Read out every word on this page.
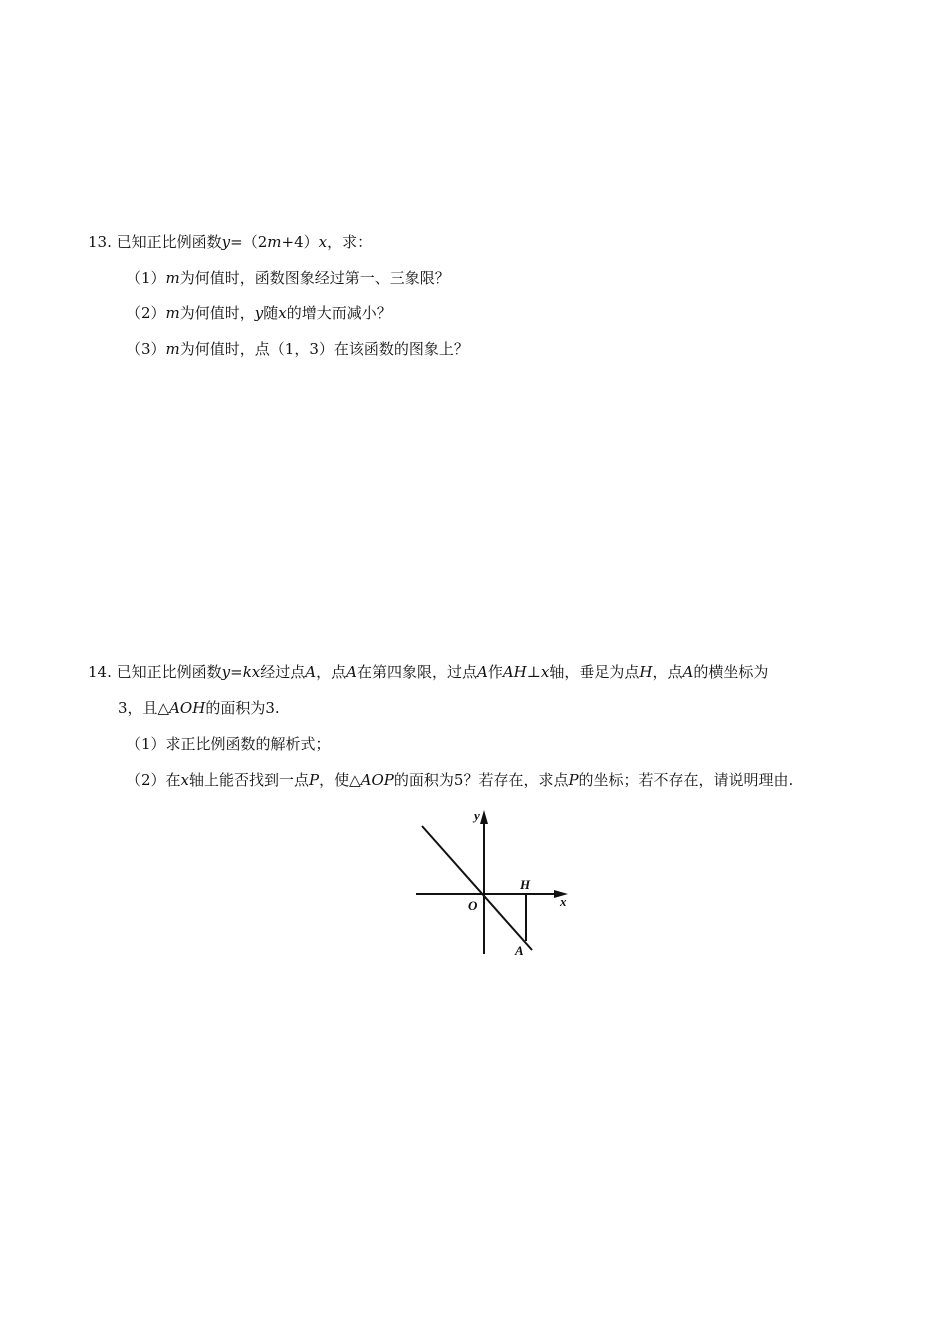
13. 已知正比例函数y=（2m+4）x，求：
（1）m为何值时，函数图象经过第一、三象限？
（2）m为何值时，y随x的增大而减小？
（3）m为何值时，点（1，3）在该函数的图象上？
14. 已知正比例函数y=kx经过点A，点A在第四象限，过点A作AH⊥x轴，垂足为点H，点A的横坐标为
3，且△AOH的面积为3.
（1）求正比例函数的解析式；
（2）在x轴上能否找到一点P，使△AOP的面积为5？若存在，求点P的坐标；若不存在，请说明理由.
y
x
O
H
A
